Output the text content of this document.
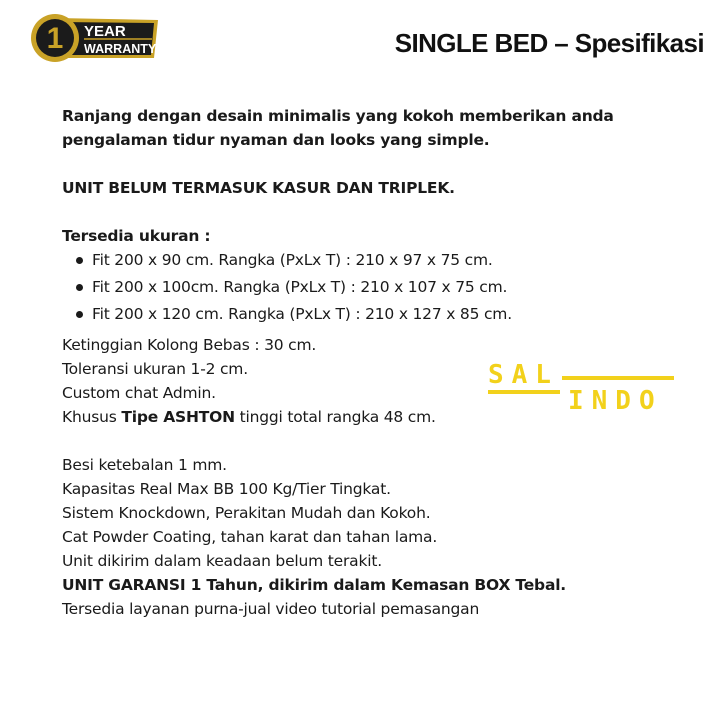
1 YEAR
WARRANTY	SINGLE BED – Spesifikasi
Ranjang dengan desain minimalis yang kokoh memberikan anda
pengalaman tidur nyaman dan looks yang simple.
UNIT BELUM TERMASUK KASUR DAN TRIPLEK.
Tersedia ukuran :
Fit 200 x 90 cm. Rangka (PxLx T) : 210 x 97 x 75 cm.
Fit 200 x 100cm. Rangka (PxLx T) : 210 x 107 x 75 cm.
Fit 200 x 120 cm. Rangka (PxLx T) : 210 x 127 x 85 cm.
Ketinggian Kolong Bebas : 30 cm.
Toleransi ukuran 1-2 cm.
Custom chat Admin.
Khusus Tipe ASHTON tinggi total rangka 48 cm.
Besi ketebalan 1 mm.
Kapasitas Real Max BB 100 Kg/Tier Tingkat.
Sistem Knockdown, Perakitan Mudah dan Kokoh.
Cat Powder Coating, tahan karat dan tahan lama.
Unit dikirim dalam keadaan belum terakit.
UNIT GARANSI 1 Tahun, dikirim dalam Kemasan BOX Tebal.
Tersedia layanan purna-jual video tutorial pemasangan
SAL
INDO
